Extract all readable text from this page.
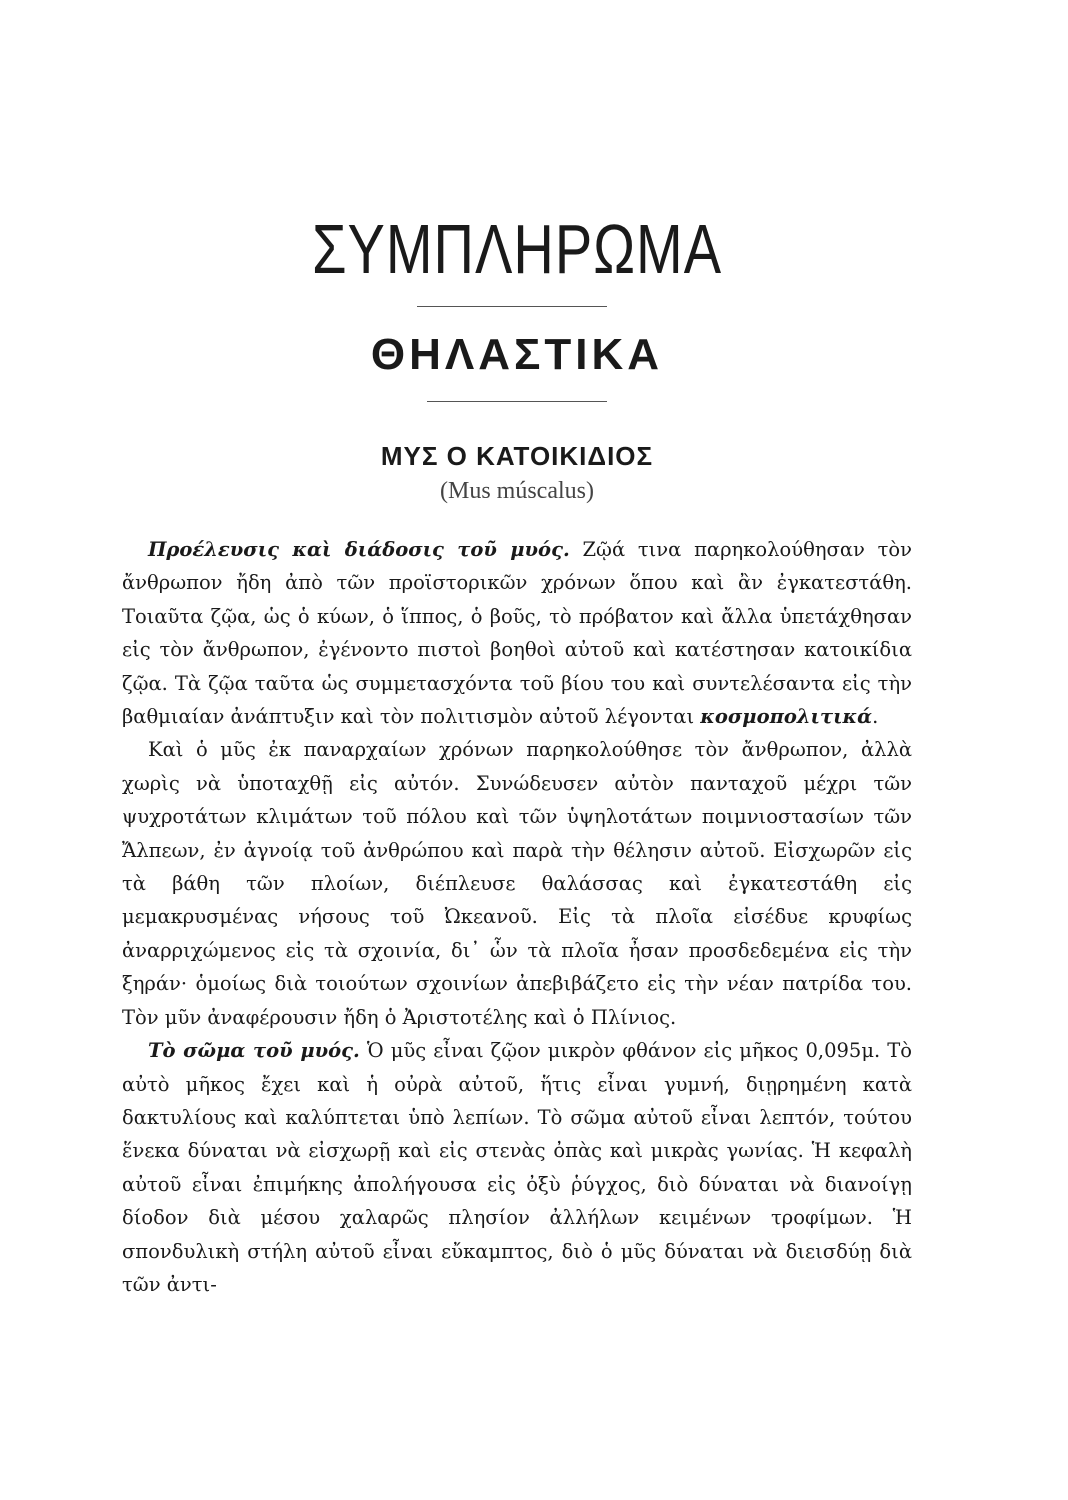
ΣΥΜΠΛΗΡΩΜΑ
ΘΗΛΑΣΤΙΚΑ
ΜΥΣ Ο ΚΑΤΟΙΚΙΔΙΟΣ
(Mus múscalus)

Προέλευσις καὶ διάδοσις τοῦ μυός. Ζῷά τινα παρηκολούθησαν τὸν ἄνθρωπον ἤδη ἀπὸ τῶν προϊστορικῶν χρόνων ὅπου καὶ ἂν ἐγκατεστάθη. Τοιαῦτα ζῷα, ὡς ὁ κύων, ὁ ἵππος, ὁ βοῦς, τὸ πρόβατον καὶ ἄλλα ὑπετάχθησαν εἰς τὸν ἄνθρωπον, ἐγένοντο πιστοὶ βοηθοὶ αὐτοῦ καὶ κατέστησαν κατοικίδια ζῷα. Τὰ ζῷα ταῦτα ὡς συμμετασχόντα τοῦ βίου του καὶ συντελέσαντα εἰς τὴν βαθμιαίαν ἀνάπτυξιν καὶ τὸν πολιτισμὸν αὐτοῦ λέγονται κοσμοπολιτικά.

Καὶ ὁ μῦς ἐκ παναρχαίων χρόνων παρηκολούθησε τὸν ἄνθρωπον, ἀλλὰ χωρὶς νὰ ὑποταχθῇ εἰς αὐτόν. Συνώδευσεν αὐτὸν πανταχοῦ μέχρι τῶν ψυχροτάτων κλιμάτων τοῦ πόλου καὶ τῶν ὑψηλοτάτων ποιμνιοστασίων τῶν Ἄλπεων, ἐν ἀγνοίᾳ τοῦ ἀνθρώπου καὶ παρὰ τὴν θέλησιν αὐτοῦ. Εἰσχωρῶν εἰς τὰ βάθη τῶν πλοίων, διέπλευσε θαλάσσας καὶ ἐγκατεστάθη εἰς μεμακρυσμένας νήσους τοῦ Ὠκεανοῦ. Εἰς τὰ πλοῖα εἰσέδυε κρυφίως ἀναρριχώμενος εἰς τὰ σχοινία, δι᾽ ὧν τὰ πλοῖα ἦσαν προσδεδεμένα εἰς τὴν ξηράν· ὁμοίως διὰ τοιούτων σχοινίων ἀπεβιβάζετο εἰς τὴν νέαν πατρίδα του. Τὸν μῦν ἀναφέρουσιν ἤδη ὁ Ἀριστοτέλης καὶ ὁ Πλίνιος.

Τὸ σῶμα τοῦ μυός. Ὁ μῦς εἶναι ζῷον μικρὸν φθάνον εἰς μῆκος 0,095μ. Τὸ αὐτὸ μῆκος ἔχει καὶ ἡ οὐρὰ αὐτοῦ, ἥτις εἶναι γυμνή, διῃρημένη κατὰ δακτυλίους καὶ καλύπτεται ὑπὸ λεπίων. Τὸ σῶμα αὐτοῦ εἶναι λεπτόν, τούτου ἕνεκα δύναται νὰ εἰσχωρῇ καὶ εἰς στενὰς ὀπὰς καὶ μικρὰς γωνίας. Ἡ κεφαλὴ αὐτοῦ εἶναι ἐπιμήκης ἀπολήγουσα εἰς ὀξὺ ῥύγχος, διὸ δύναται νὰ διανοίγῃ δίοδον διὰ μέσου χαλαρῶς πλησίον ἀλλήλων κειμένων τροφίμων. Ἡ σπονδυλικὴ στήλη αὐτοῦ εἶναι εὔκαμπτος, διὸ ὁ μῦς δύναται νὰ διεισδύῃ διὰ τῶν ἀντι-
